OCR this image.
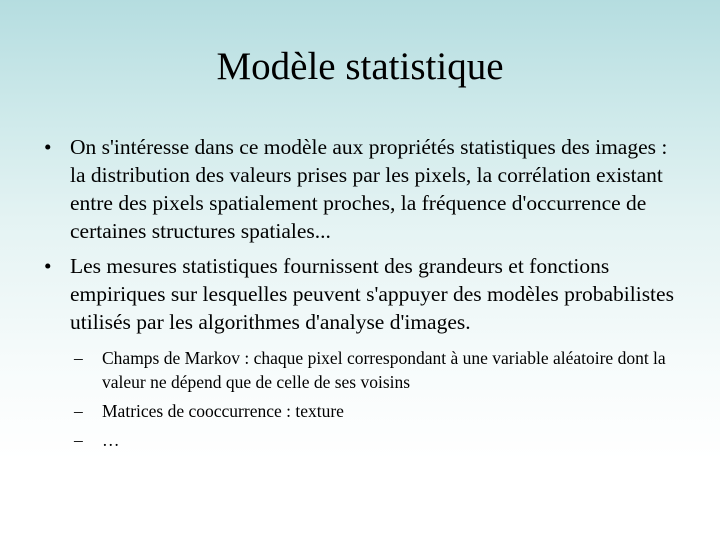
Modèle statistique
• On s'intéresse dans ce modèle aux propriétés statistiques des images : la distribution des valeurs prises par les pixels, la corrélation existant entre des pixels spatialement proches, la fréquence d'occurrence de certaines structures spatiales...
• Les mesures statistiques fournissent des grandeurs et fonctions empiriques sur lesquelles peuvent s'appuyer des modèles probabilistes utilisés par les algorithmes d'analyse d'images.
–	Champs de Markov : chaque pixel correspondant à une variable aléatoire dont la valeur ne dépend que de celle de ses voisins
–	Matrices de cooccurrence : texture
–	…
